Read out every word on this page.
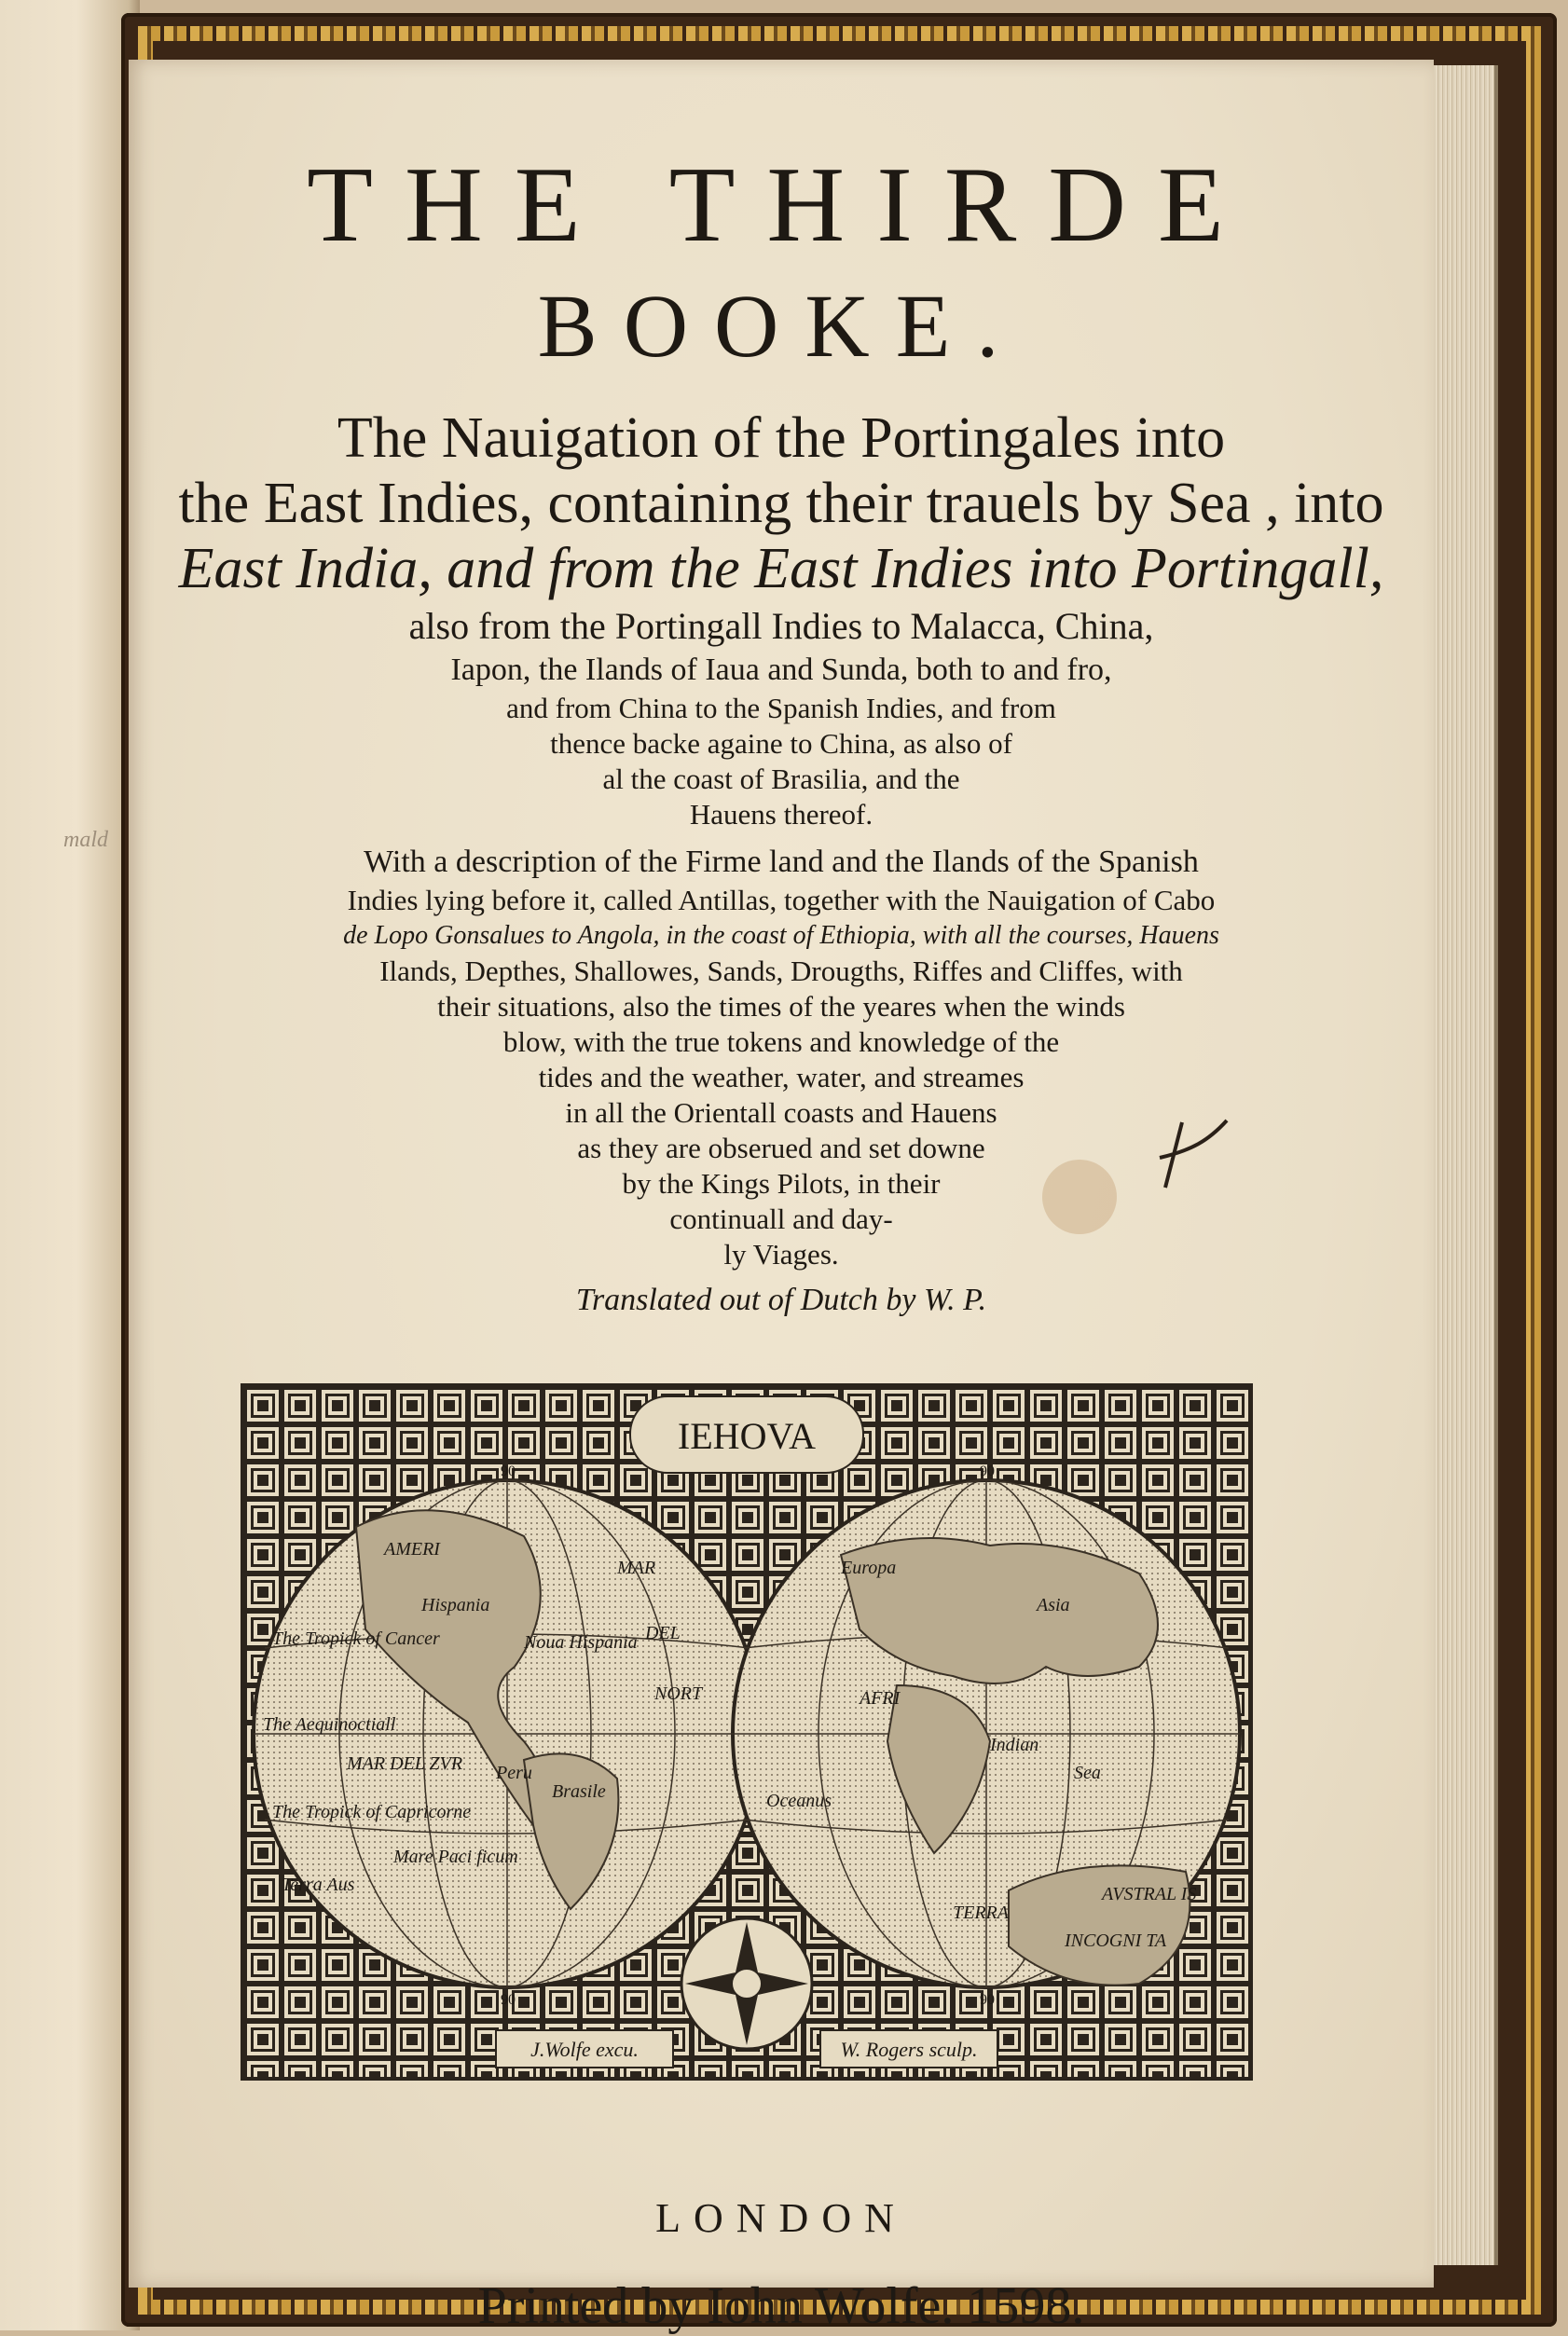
mald
THE THIRDE
BOOKE.
The Nauigation of the Portingales into
the East Indies, containing their trauels by Sea , into
East India, and from the East Indies into Portingall,
also from the Portingall Indies to Malacca, China,
Iapon, the Ilands of Iaua and Sunda, both to and fro,
and from China to the Spanish Indies, and from
thence backe againe to China, as also of
al the coast of Brasilia, and the
Hauens thereof.
With a description of the Firme land and the Ilands of the Spanish
Indies lying before it, called Antillas, together with the Nauigation of Cabo
de Lopo Gonsalues to Angola, in the coast of Ethiopia, with all the courses, Hauens
Ilands, Depthes, Shallowes, Sands, Drougths, Riffes and Cliffes, with
their situations, also the times of the yeares when the winds
blow, with the true tokens and knowledge of the
tides and the weather, water, and streames
in all the Orientall coasts and Hauens
as they are obserued and set downe
by the Kings Pilots, in their
continuall and day-
ly Viages.
Translated out of Dutch by W. P.
IEHOVA
AMERI
MAR
DEL
NORT
MAR DEL ZVR
The Aequinoctiall
The Tropick of Cancer
The Tropick of Capricorne
Mare Paci ficum
Terra Aus
Hispania
Noua Hispania
Brasile
Peru
AFRI
Oceanus
Indian
Sea
TERRA
AVSTRAL IS
INCOGNI TA
Europa
Asia
90
90
90
90
J.Wolfe excu.	W. Rogers sculp.
LONDON
Printed by Iohn Wolfe. 1598.
